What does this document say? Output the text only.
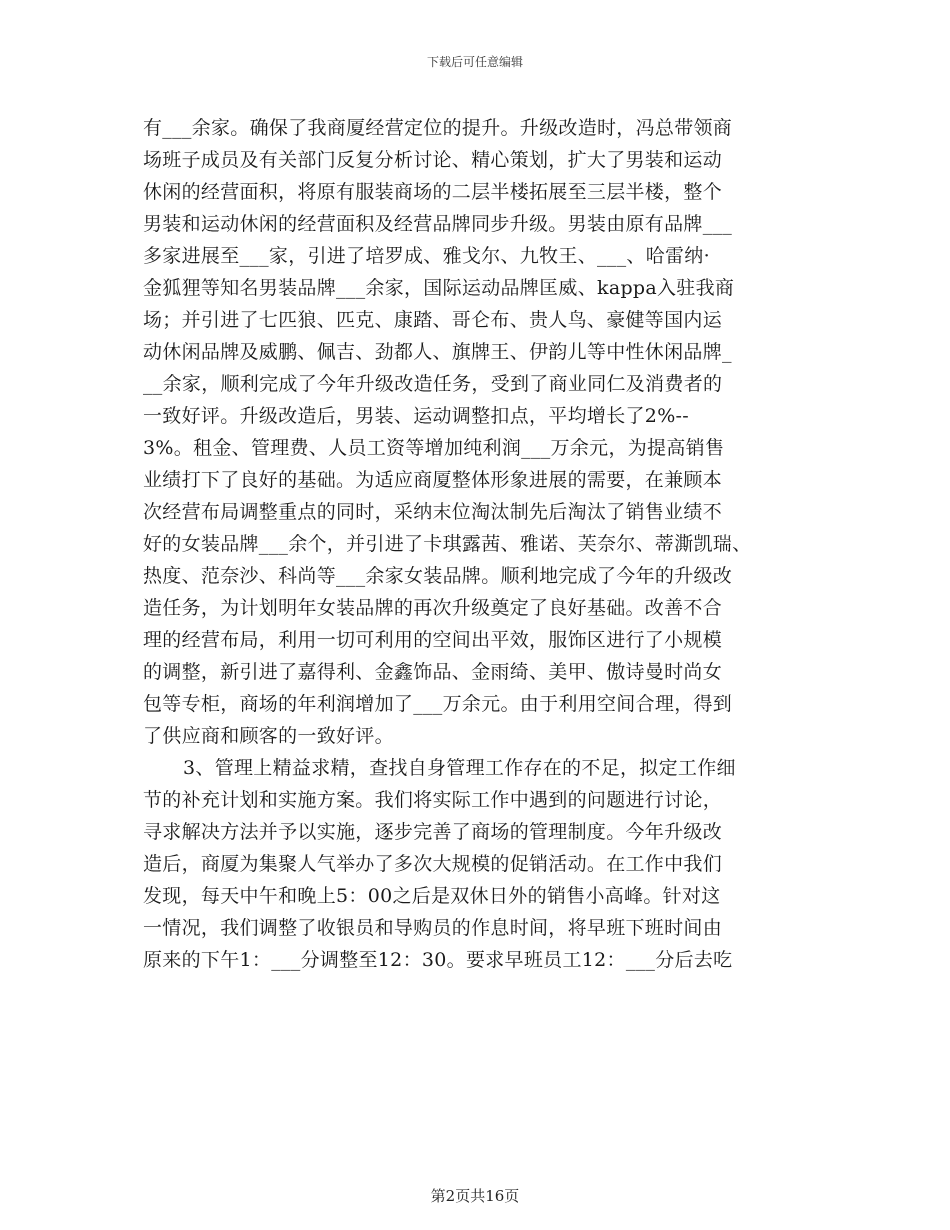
下载后可任意编辑
有___余家。确保了我商厦经营定位的提升。升级改造时，冯总带领商
场班子成员及有关部门反复分析讨论、精心策划，扩大了男装和运动
休闲的经营面积，将原有服装商场的二层半楼拓展至三层半楼，整个
男装和运动休闲的经营面积及经营品牌同步升级。男装由原有品牌___
多家进展至___家，引进了培罗成、雅戈尔、九牧王、___、哈雷纳·
金狐狸等知名男装品牌___余家，国际运动品牌匡威、kappa入驻我商
场；并引进了七匹狼、匹克、康踏、哥仑布、贵人鸟、豪健等国内运
动休闲品牌及威鹏、佩吉、劲都人、旗牌王、伊韵儿等中性休闲品牌_
__余家，顺利完成了今年升级改造任务，受到了商业同仁及消费者的
一致好评。升级改造后，男装、运动调整扣点，平均增长了2%--
3%。租金、管理费、人员工资等增加纯利润___万余元，为提高销售
业绩打下了良好的基础。为适应商厦整体形象进展的需要，在兼顾本
次经营布局调整重点的同时，采纳末位淘汰制先后淘汰了销售业绩不
好的女装品牌___余个，并引进了卡琪露茜、雅诺、芙奈尔、蒂澌凯瑞、
热度、范奈沙、科尚等___余家女装品牌。顺利地完成了今年的升级改
造任务，为计划明年女装品牌的再次升级奠定了良好基础。改善不合
理的经营布局，利用一切可利用的空间出平效，服饰区进行了小规模
的调整，新引进了嘉得利、金鑫饰品、金雨绮、美甲、傲诗曼时尚女
包等专柜，商场的年利润增加了___万余元。由于利用空间合理，得到
了供应商和顾客的一致好评。
3、管理上精益求精，查找自身管理工作存在的不足，拟定工作细
节的补充计划和实施方案。我们将实际工作中遇到的问题进行讨论，
寻求解决方法并予以实施，逐步完善了商场的管理制度。今年升级改
造后，商厦为集聚人气举办了多次大规模的促销活动。在工作中我们
发现，每天中午和晚上5：00之后是双休日外的销售小高峰。针对这
一情况，我们调整了收银员和导购员的作息时间，将早班下班时间由
原来的下午1：___分调整至12：30。要求早班员工12：___分后去吃
第2页共16页
